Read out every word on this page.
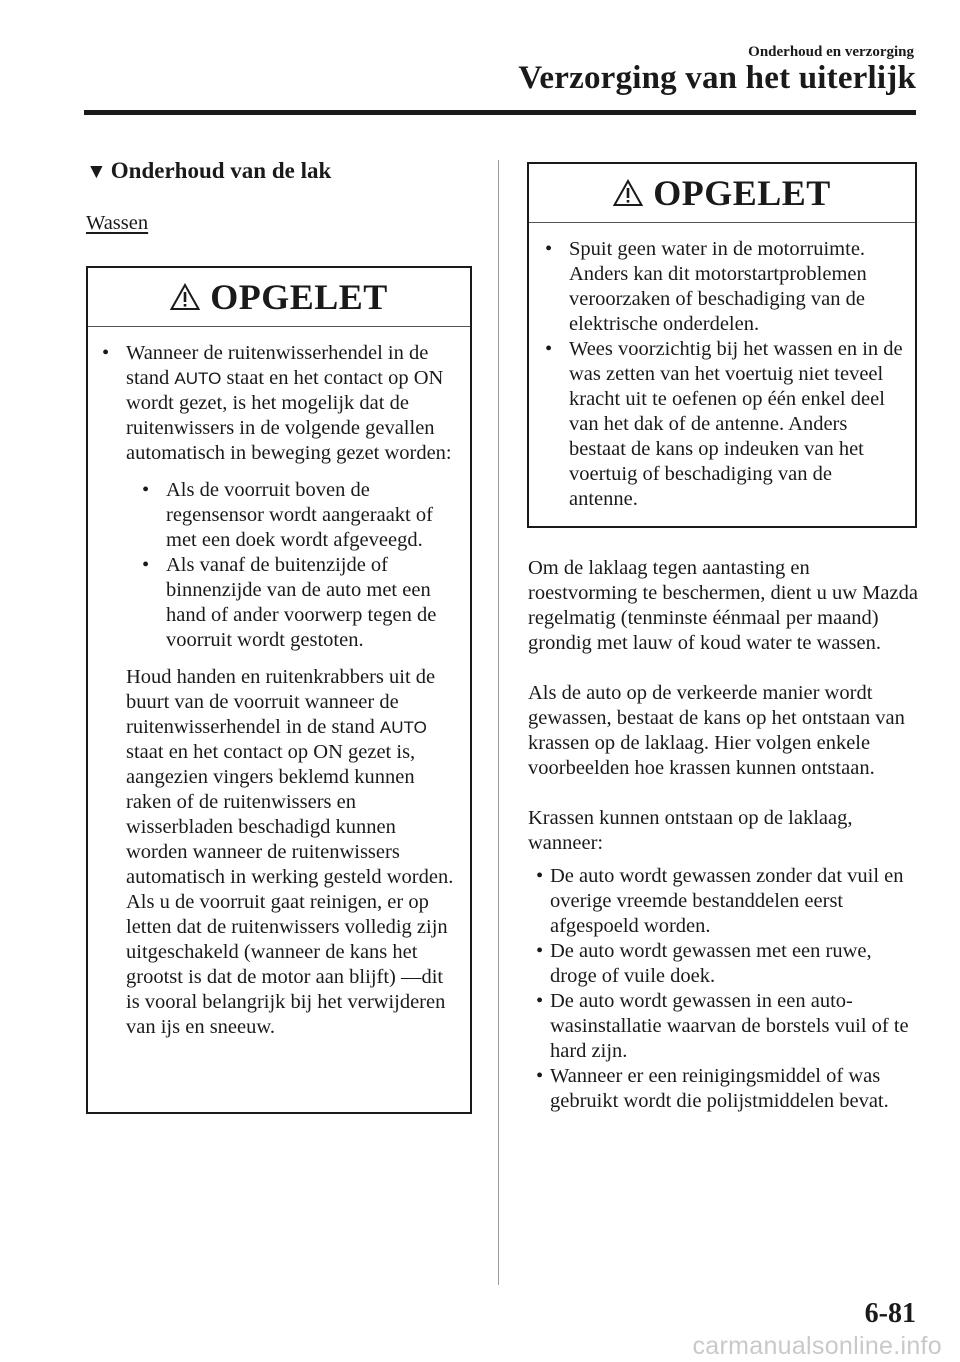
Onderhoud en verzorging
Verzorging van het uiterlijk
▼ Onderhoud van de lak
Wassen
OPGELET
• Wanneer de ruitenwisserhendel in de stand AUTO staat en het contact op ON wordt gezet, is het mogelijk dat de ruitenwissers in de volgende gevallen automatisch in beweging gezet worden:
• Als de voorruit boven de regensensor wordt aangeraakt of met een doek wordt afgeveegd.
• Als vanaf de buitenzijde of binnenzijde van de auto met een hand of ander voorwerp tegen de voorruit wordt gestoten.
Houd handen en ruitenkrabbers uit de buurt van de voorruit wanneer de ruitenwisserhendel in de stand AUTO staat en het contact op ON gezet is, aangezien vingers beklemd kunnen raken of de ruitenwissers en wisserbladen beschadigd kunnen worden wanneer de ruitenwissers automatisch in werking gesteld worden.
Als u de voorruit gaat reinigen, er op letten dat de ruitenwissers volledig zijn uitgeschakeld (wanneer de kans het grootst is dat de motor aan blijft) —dit is vooral belangrijk bij het verwijderen van ijs en sneeuw.
OPGELET
• Spuit geen water in de motorruimte. Anders kan dit motorstartproblemen veroorzaken of beschadiging van de elektrische onderdelen.
• Wees voorzichtig bij het wassen en in de was zetten van het voertuig niet teveel kracht uit te oefenen op één enkel deel van het dak of de antenne. Anders bestaat de kans op indeuken van het voertuig of beschadiging van de antenne.
Om de laklaag tegen aantasting en roestvorming te beschermen, dient u uw Mazda regelmatig (tenminste éénmaal per maand) grondig met lauw of koud water te wassen.
Als de auto op de verkeerde manier wordt gewassen, bestaat de kans op het ontstaan van krassen op de laklaag. Hier volgen enkele voorbeelden hoe krassen kunnen ontstaan.
Krassen kunnen ontstaan op de laklaag, wanneer:
• De auto wordt gewassen zonder dat vuil en overige vreemde bestanddelen eerst afgespoeld worden.
• De auto wordt gewassen met een ruwe, droge of vuile doek.
• De auto wordt gewassen in een auto-wasinstallatie waarvan de borstels vuil of te hard zijn.
• Wanneer er een reinigingsmiddel of was gebruikt wordt die polijstmiddelen bevat.
6-81
carmanualsonline.info
